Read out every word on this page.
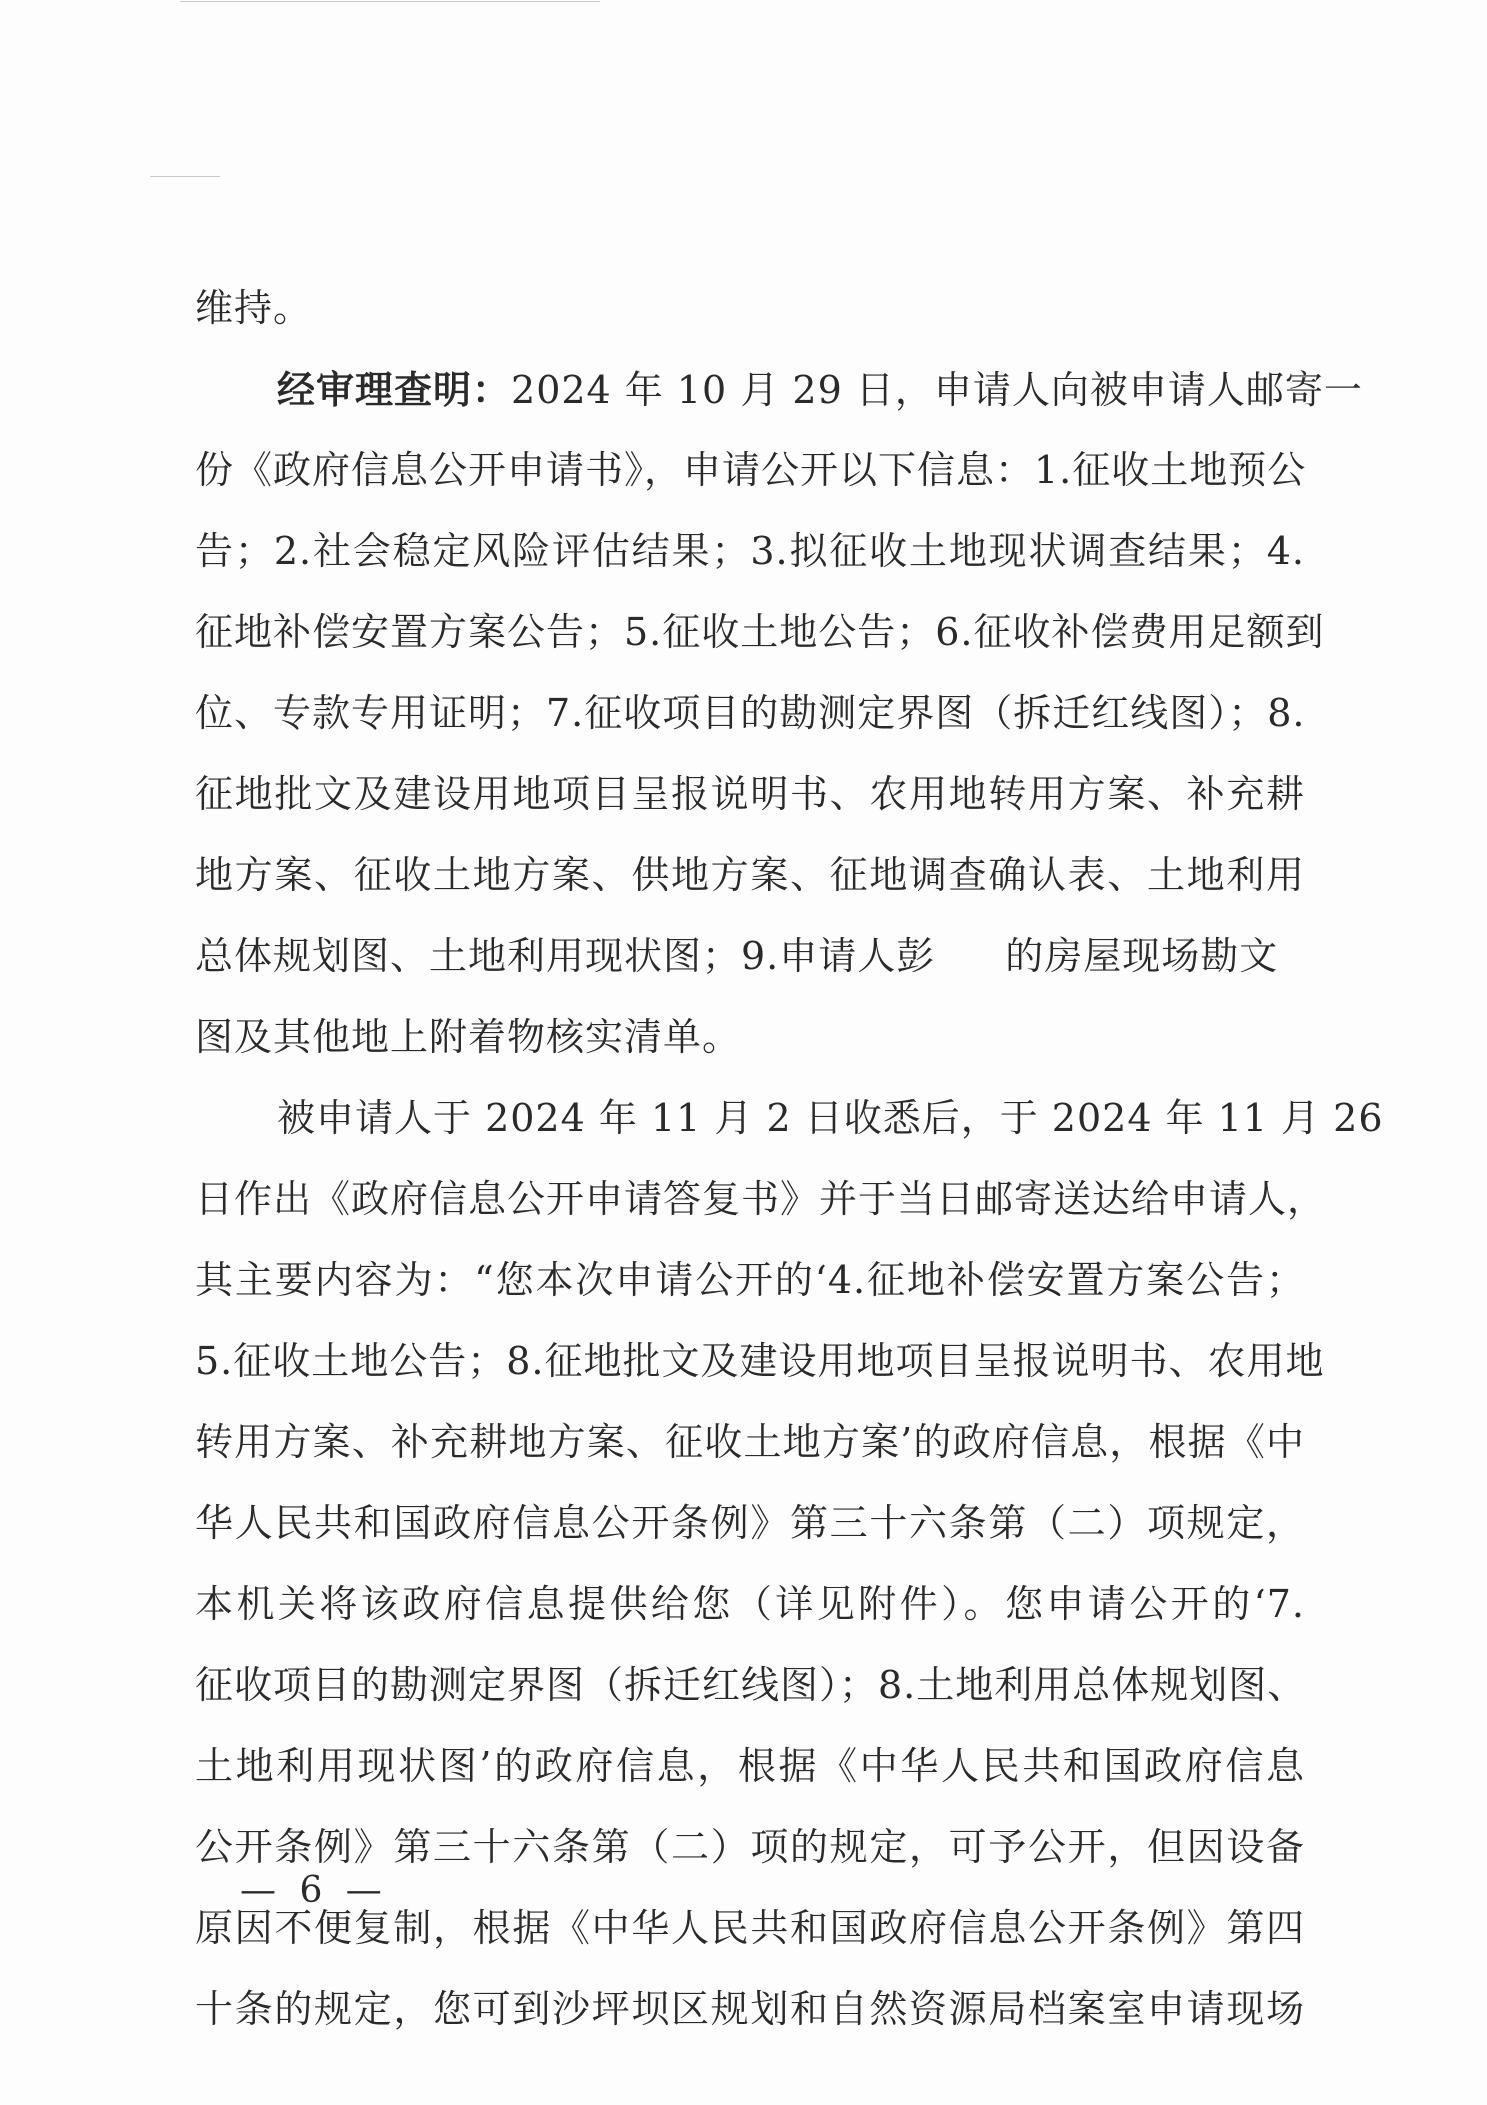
维持。
经审理查明：2024 年 10 月 29 日，申请人向被申请人邮寄一
份《政府信息公开申请书》，申请公开以下信息：1.征收土地预公
告；2.社会稳定风险评估结果；3.拟征收土地现状调查结果；4.
征地补偿安置方案公告；5.征收土地公告；6.征收补偿费用足额到
位、专款专用证明；7.征收项目的勘测定界图（拆迁红线图）；8.
征地批文及建设用地项目呈报说明书、农用地转用方案、补充耕
地方案、征收土地方案、供地方案、征地调查确认表、土地利用
总体规划图、土地利用现状图；9.申请人彭 的房屋现场勘文
图及其他地上附着物核实清单。
被申请人于 2024 年 11 月 2 日收悉后，于 2024 年 11 月 26
日作出《政府信息公开申请答复书》并于当日邮寄送达给申请人，
其主要内容为：“您本次申请公开的‘4.征地补偿安置方案公告；
5.征收土地公告；8.征地批文及建设用地项目呈报说明书、农用地
转用方案、补充耕地方案、征收土地方案’的政府信息，根据《中
华人民共和国政府信息公开条例》第三十六条第（二）项规定，
本机关将该政府信息提供给您（详见附件）。您申请公开的‘7.
征收项目的勘测定界图（拆迁红线图）；8.土地利用总体规划图、
土地利用现状图’的政府信息，根据《中华人民共和国政府信息
公开条例》第三十六条第（二）项的规定，可予公开，但因设备
原因不便复制，根据《中华人民共和国政府信息公开条例》第四
十条的规定，您可到沙坪坝区规划和自然资源局档案室申请现场
— 6 —
